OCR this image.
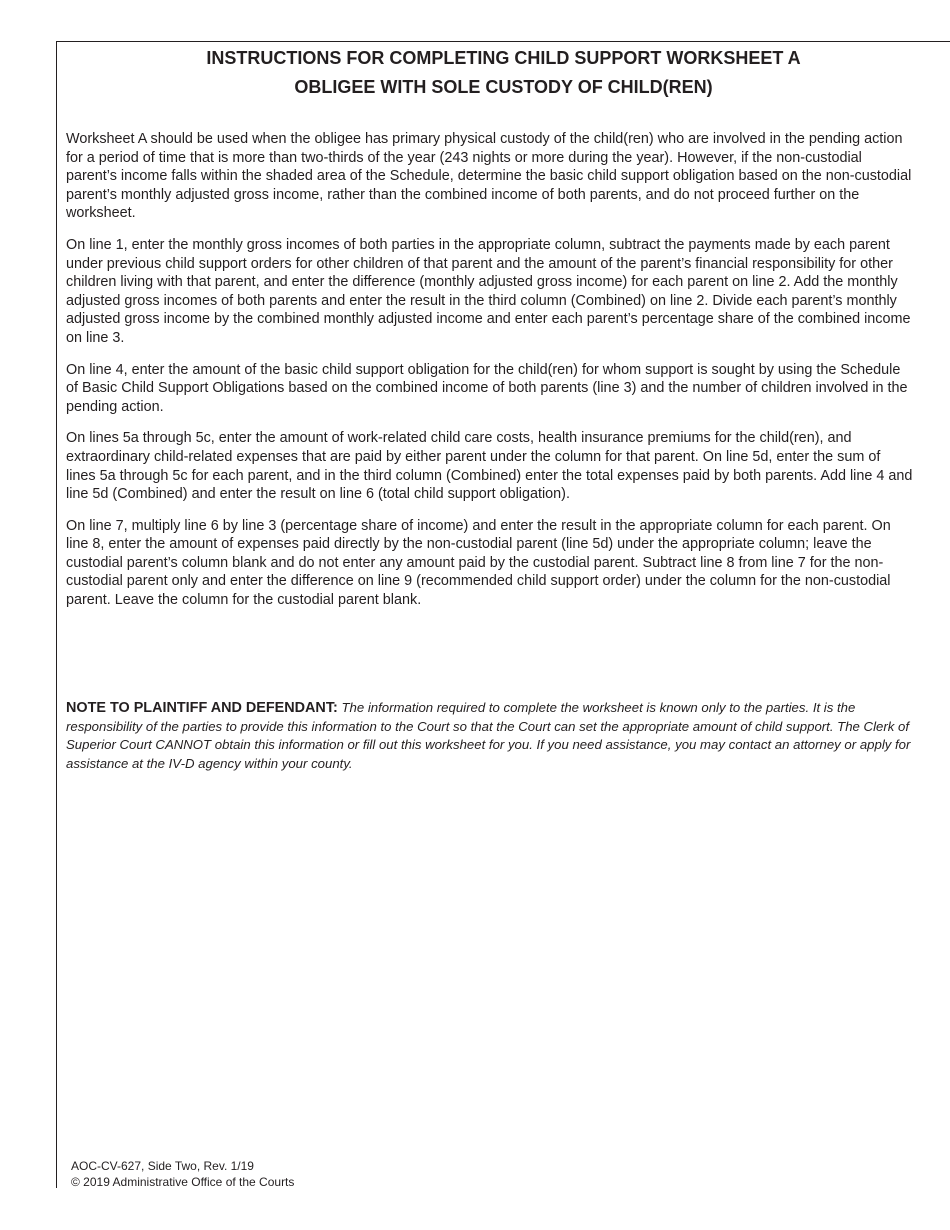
INSTRUCTIONS FOR COMPLETING CHILD SUPPORT WORKSHEET A
OBLIGEE WITH SOLE CUSTODY OF CHILD(REN)

Worksheet A should be used when the obligee has primary physical custody of the child(ren) who are involved in the pending action for a period of time that is more than two-thirds of the year (243 nights or more during the year). However, if the non-custodial parent’s income falls within the shaded area of the Schedule, determine the basic child support obligation based on the non-custodial parent’s monthly adjusted gross income, rather than the combined income of both parents, and do not proceed further on the worksheet.

On line 1, enter the monthly gross incomes of both parties in the appropriate column, subtract the payments made by each parent under previous child support orders for other children of that parent and the amount of the parent’s financial responsibility for other children living with that parent, and enter the difference (monthly adjusted gross income) for each parent on line 2. Add the monthly adjusted gross incomes of both parents and enter the result in the third column (Combined) on line 2. Divide each parent’s monthly adjusted gross income by the combined monthly adjusted income and enter each parent’s percentage share of the combined income on line 3.

On line 4, enter the amount of the basic child support obligation for the child(ren) for whom support is sought by using the Schedule of Basic Child Support Obligations based on the combined income of both parents (line 3) and the number of children involved in the pending action.

On lines 5a through 5c, enter the amount of work-related child care costs, health insurance premiums for the child(ren), and extraordinary child-related expenses that are paid by either parent under the column for that parent. On line 5d, enter the sum of lines 5a through 5c for each parent, and in the third column (Combined) enter the total expenses paid by both parents. Add line 4 and line 5d (Combined) and enter the result on line 6 (total child support obligation).

On line 7, multiply line 6 by line 3 (percentage share of income) and enter the result in the appropriate column for each parent. On line 8, enter the amount of expenses paid directly by the non-custodial parent (line 5d) under the appropriate column; leave the custodial parent’s column blank and do not enter any amount paid by the custodial parent. Subtract line 8 from line 7 for the non-custodial parent only and enter the difference on line 9 (recommended child support order) under the column for the non-custodial parent. Leave the column for the custodial parent blank.

NOTE TO PLAINTIFF AND DEFENDANT: The information required to complete the worksheet is known only to the parties. It is the responsibility of the parties to provide this information to the Court so that the Court can set the appropriate amount of child support. The Clerk of Superior Court CANNOT obtain this information or fill out this worksheet for you. If you need assistance, you may contact an attorney or apply for assistance at the IV-D agency within your county.
AOC-CV-627, Side Two, Rev. 1/19
© 2019 Administrative Office of the Courts
